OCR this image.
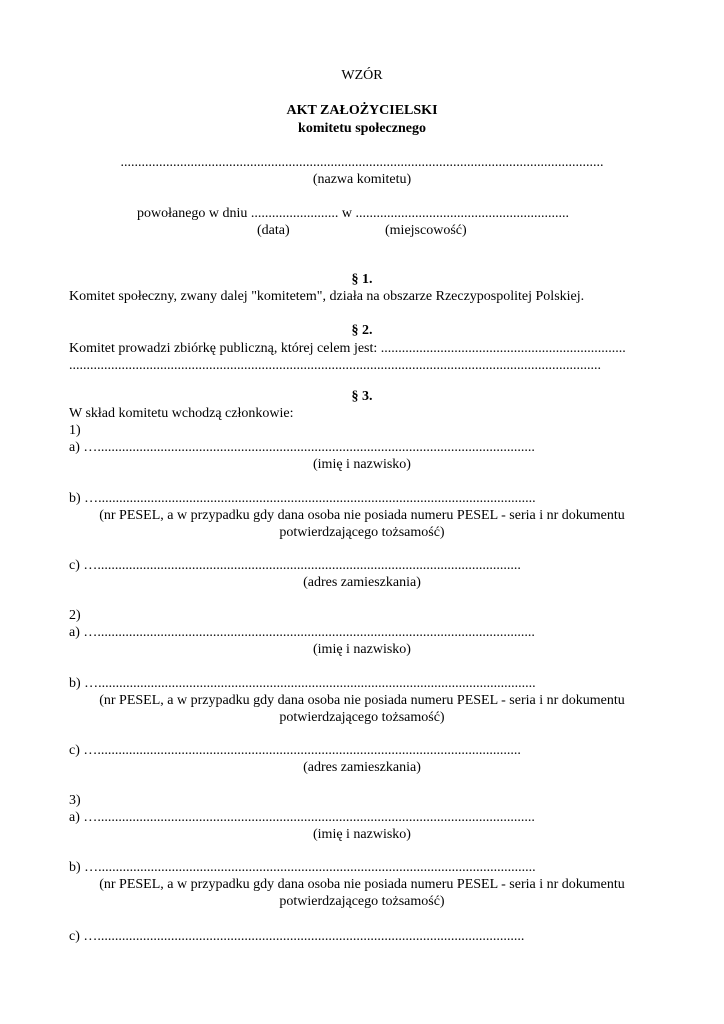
WZÓR
AKT ZAŁOŻYCIELSKI
komitetu społecznego
..........................................................................................................................................
(nazwa komitetu)
powołanego w dniu ......................... w .............................................................
(data)	(miejscowość)
§ 1.
Komitet społeczny, zwany dalej "komitetem", działa na obszarze Rzeczypospolitej Polskiej.
§ 2.
Komitet prowadzi zbiórkę publiczną, której celem jest: ......................................................................
........................................................................................................................................................
§ 3.
W skład komitetu wchodzą członkowie:
1)
a) ….............................................................................................................................
(imię i nazwisko)
b) ….............................................................................................................................
(nr PESEL, a w przypadku gdy dana osoba nie posiada numeru PESEL - seria i nr dokumentu
potwierdzającego tożsamość)
c) ….........................................................................................................................
(adres zamieszkania)
2)
a) ….............................................................................................................................
(imię i nazwisko)
b) ….............................................................................................................................
(nr PESEL, a w przypadku gdy dana osoba nie posiada numeru PESEL - seria i nr dokumentu
potwierdzającego tożsamość)
c) ….........................................................................................................................
(adres zamieszkania)
3)
a) ….............................................................................................................................
(imię i nazwisko)
b) ….............................................................................................................................
(nr PESEL, a w przypadku gdy dana osoba nie posiada numeru PESEL - seria i nr dokumentu
potwierdzającego tożsamość)
c) …..........................................................................................................................
